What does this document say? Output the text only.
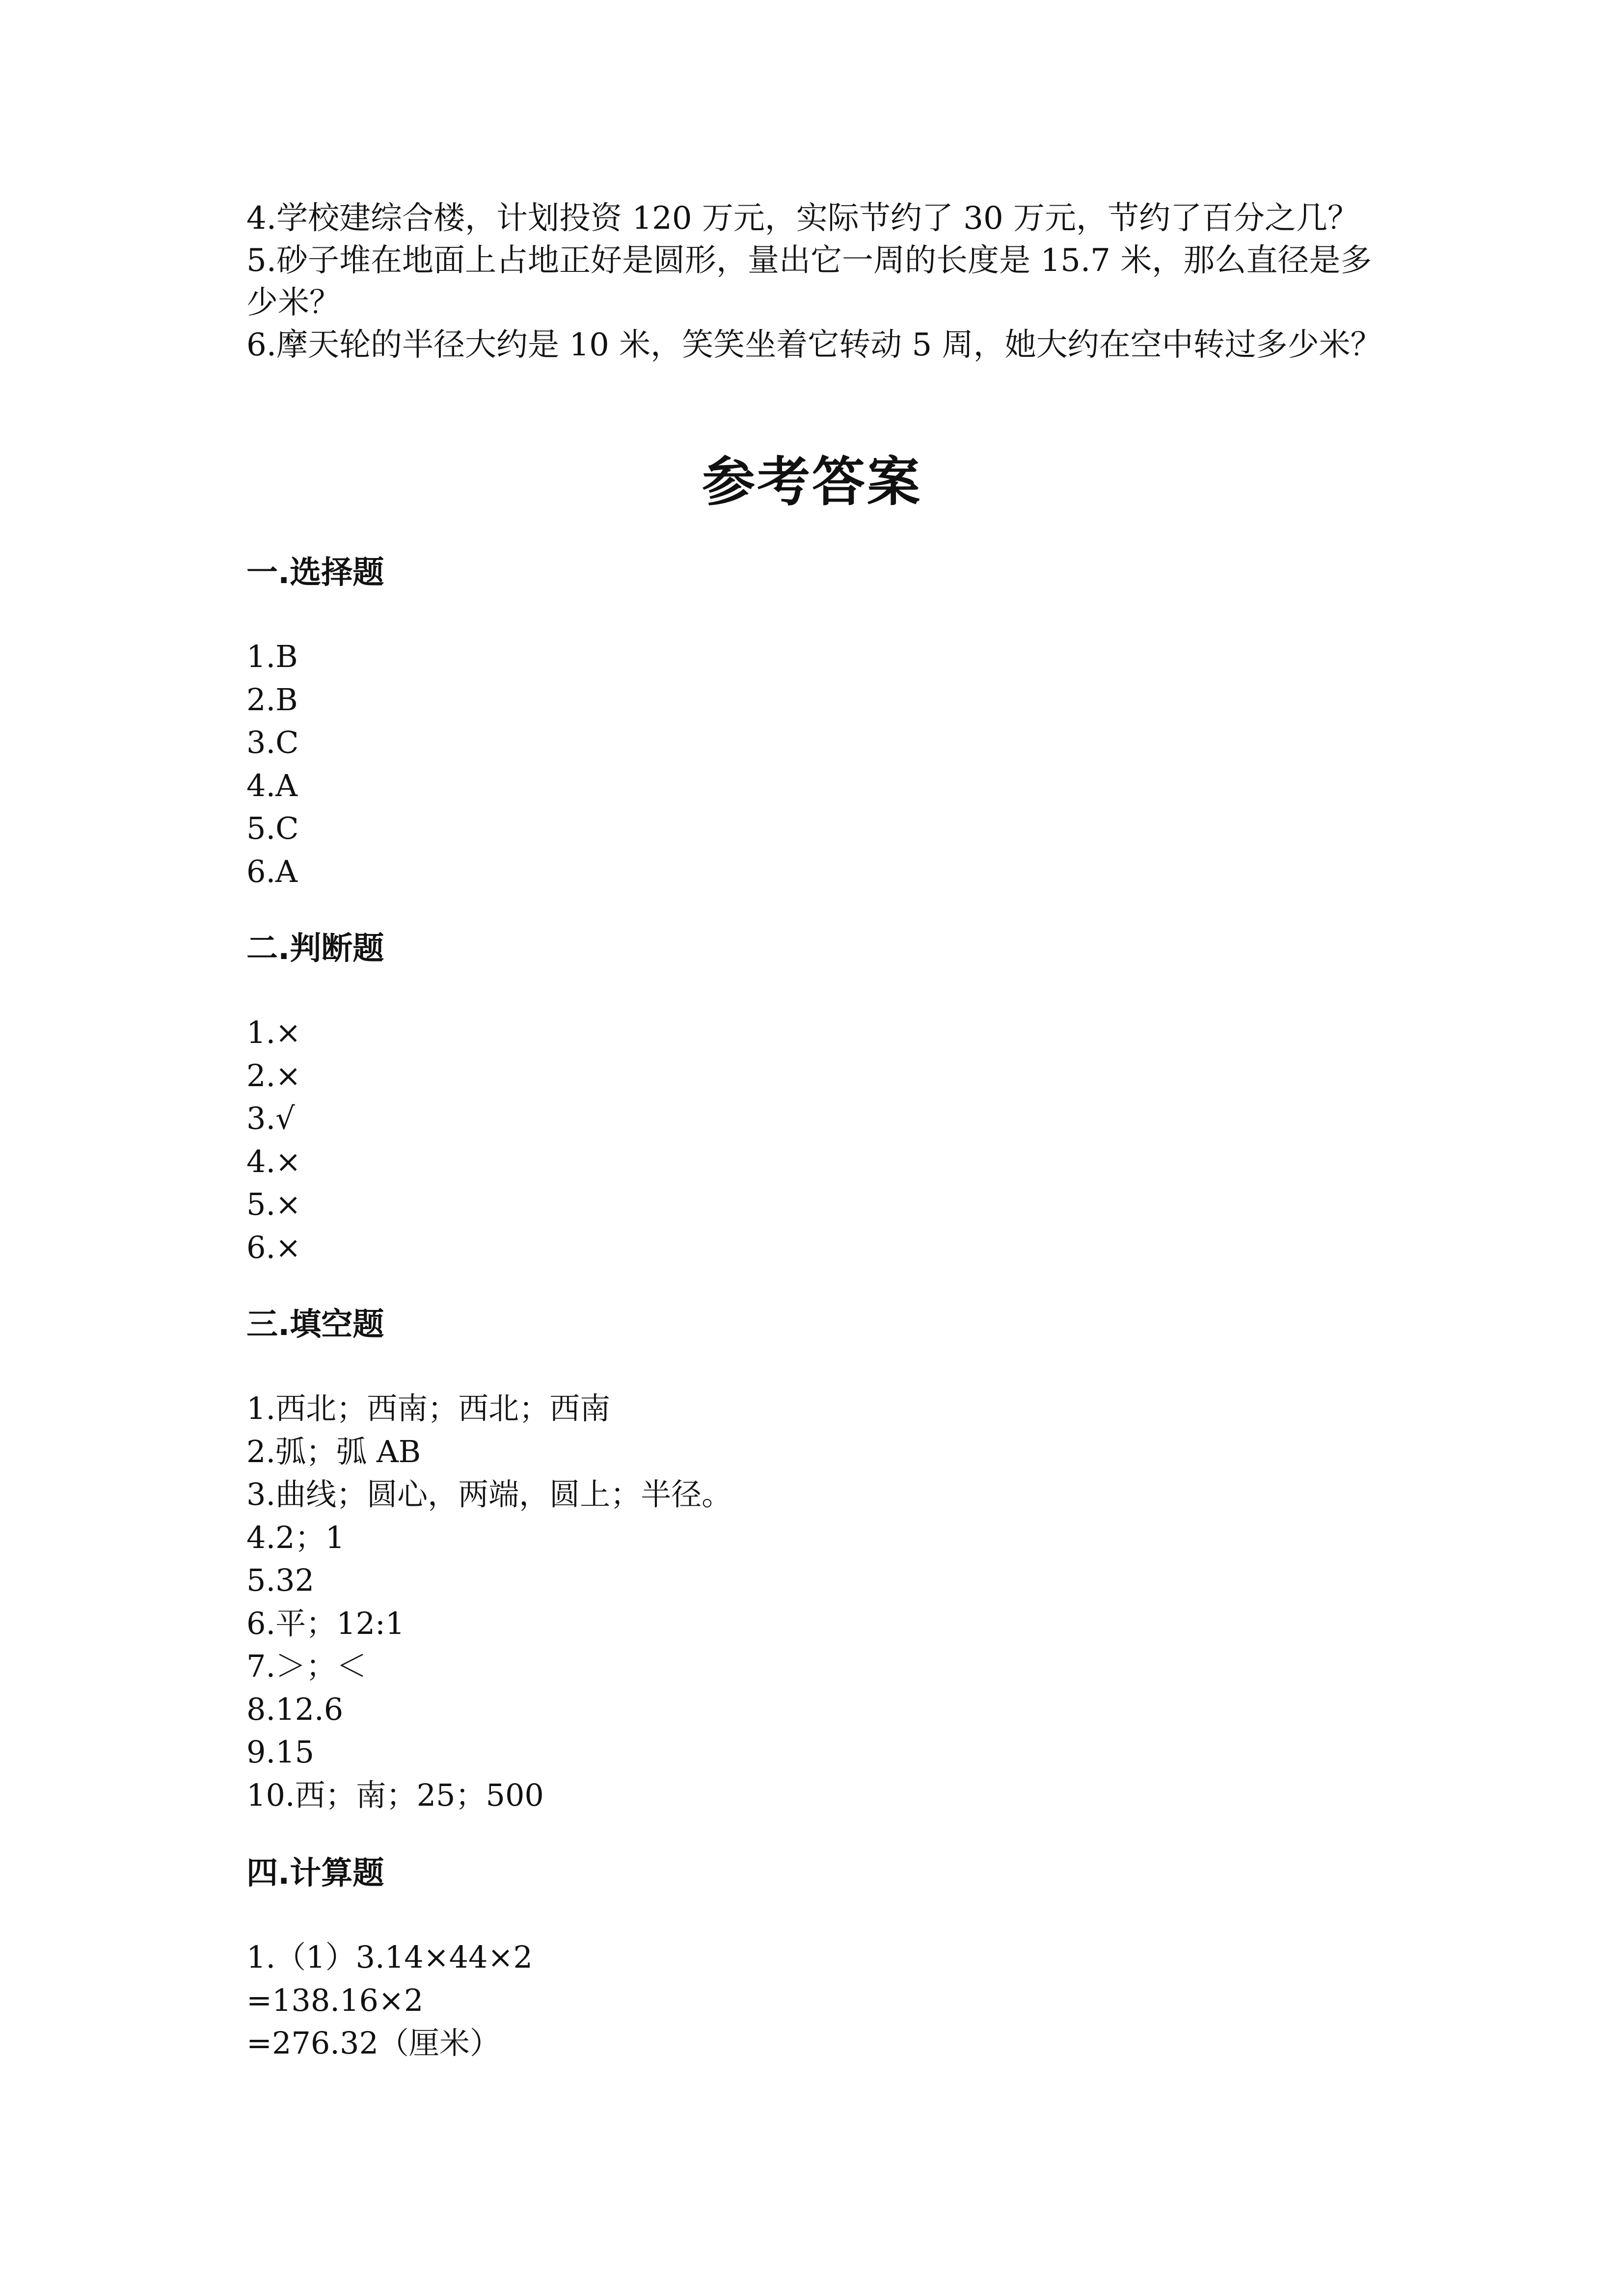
4.学校建综合楼，计划投资 120 万元，实际节约了 30 万元，节约了百分之几？

5.砂子堆在地面上占地正好是圆形，量出它一周的长度是 15.7 米，那么直径是多少米？

6.摩天轮的半径大约是 10 米，笑笑坐着它转动 5 周，她大约在空中转过多少米？

参考答案
一.选择题

1.B

2.B

3.C

4.A

5.C

6.A

二.判断题

1.×

2.×

3.√

4.×

5.×

6.×

三.填空题

1.西北；西南；西北；西南

2.弧；弧 AB

3.曲线；圆心，两端，圆上；半径。

4.2；1

5.32

6.平；12:1

7.＞；＜

8.12.6

9.15

10.西；南；25；500

四.计算题

1.（1）3.14×44×2

=138.16×2

=276.32（厘米）
